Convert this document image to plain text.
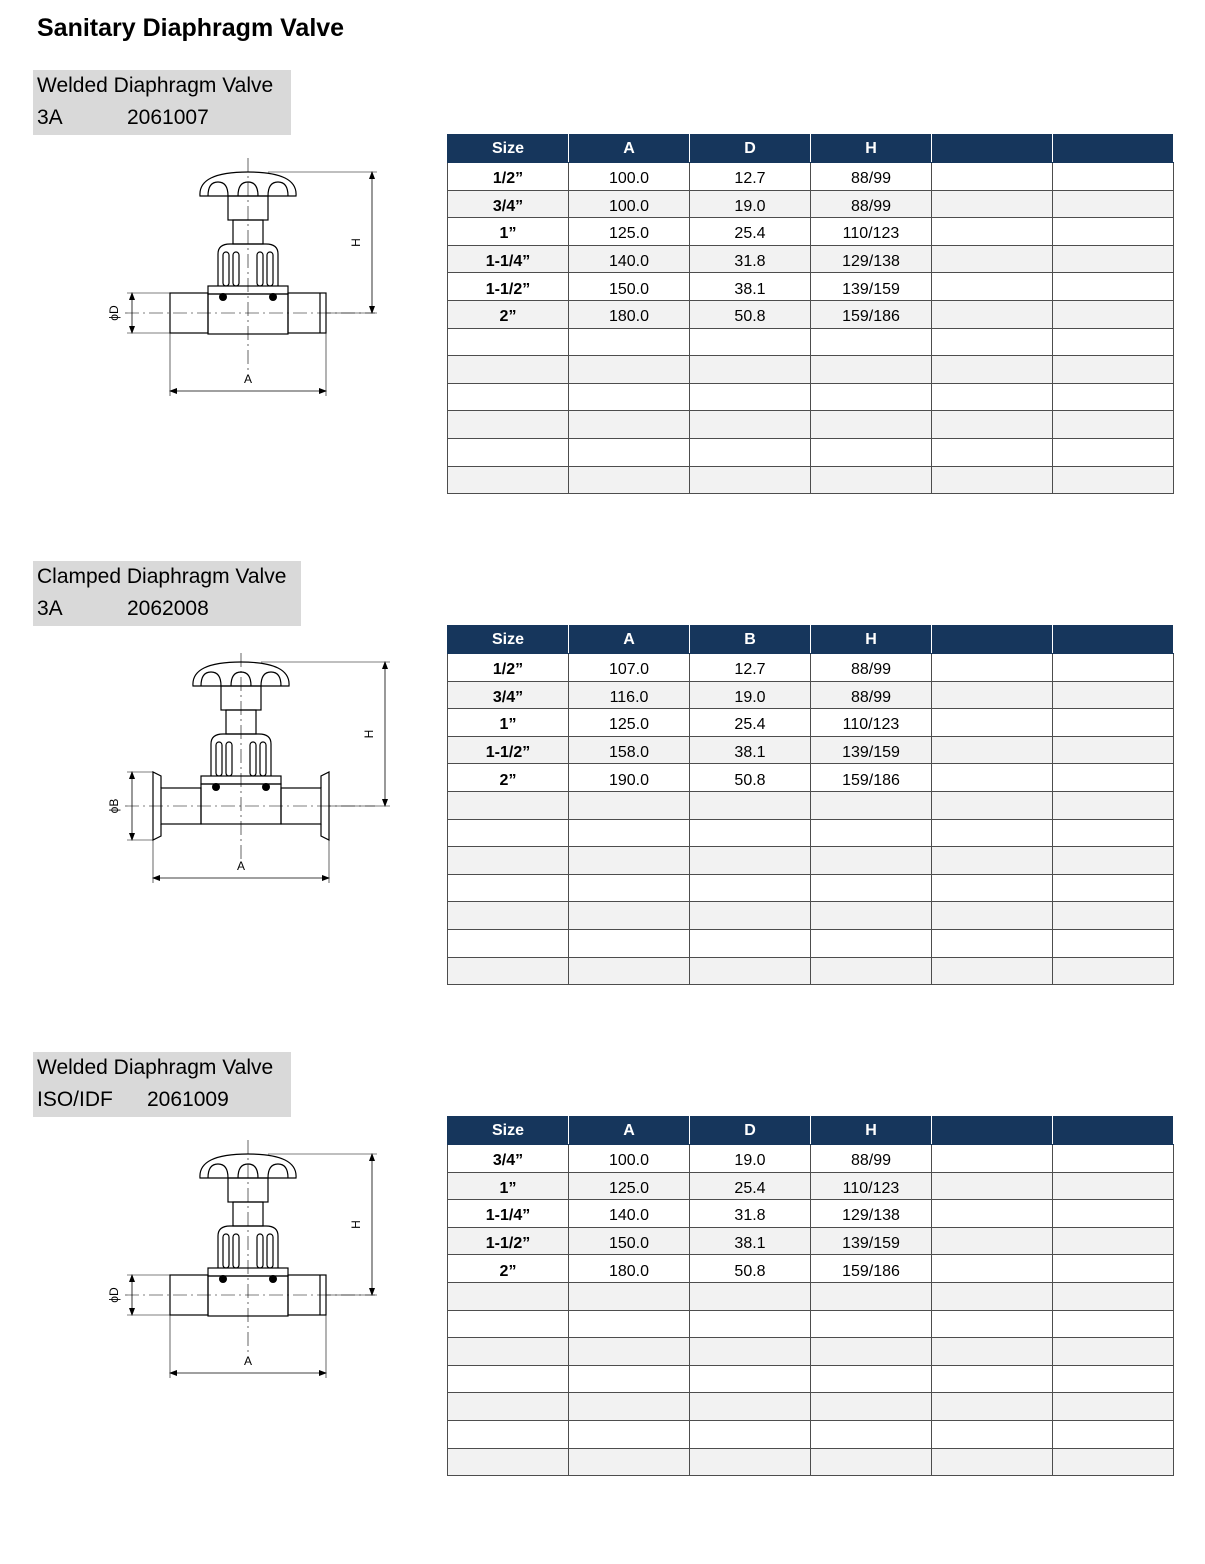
Sanitary Diaphragm Valve
Welded Diaphragm Valve
3A	2061007
H
ϕD
A
Size	A	D	H		
1/2”	100.0	12.7	88/99		
3/4”	100.0	19.0	88/99		
1”	125.0	25.4	110/123		
1-1/4”	140.0	31.8	129/138		
1-1/2”	150.0	38.1	139/159		
2”	180.0	50.8	159/186		

Clamped Diaphragm Valve
3A	2062008
H
ϕB
A
Size	A	B	H		
1/2”	107.0	12.7	88/99		
3/4”	116.0	19.0	88/99		
1”	125.0	25.4	110/123		
1-1/2”	158.0	38.1	139/159		
2”	190.0	50.8	159/186		

Welded Diaphragm Valve
ISO/IDF 2061009
H
ϕD
A
Size	A	D	H		
3/4”	100.0	19.0	88/99		
1”	125.0	25.4	110/123		
1-1/4”	140.0	31.8	129/138		
1-1/2”	150.0	38.1	139/159		
2”	180.0	50.8	159/186		
